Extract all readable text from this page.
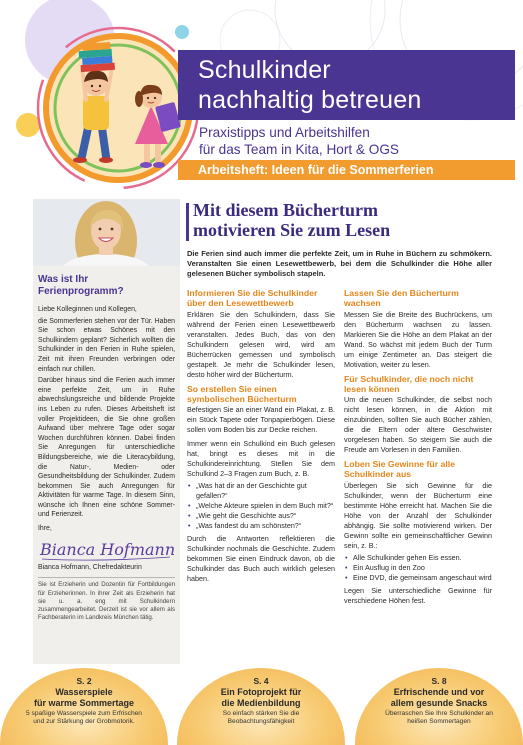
Schulkinder
nachhaltig betreuen
Praxistipps und Arbeitshilfen
für das Team in Kita, Hort & OGS
Arbeitsheft: Ideen für die Sommerferien
Was ist Ihr
Ferienprogramm?

Liebe Kolleginnen und Kollegen,

die Sommerferien stehen vor der Tür. Haben Sie schon etwas Schönes mit den Schulkindern geplant? Sicherlich wollten die Schulkinder in den Ferien in Ruhe spielen, Zeit mit ihren Freunden verbringen oder einfach nur chillen.

Darüber hinaus sind die Ferien auch immer eine perfekte Zeit, um in Ruhe abwechslungsreiche und bildende Projekte ins Leben zu rufen. Dieses Arbeitsheft ist voller Projektideen, die Sie ohne großen Aufwand über mehrere Tage oder sogar Wochen durchführen können. Dabei finden Sie Anregungen für unterschiedliche Bildungsbereiche, wie die Literacybildung, die Natur-, Medien- oder Gesundheitsbildung der Schulkinder. Zudem bekommen Sie auch Anregungen für Aktivitäten für warme Tage. In diesem Sinn, wünsche ich Ihnen eine schöne Sommer- und Ferienzeit.

Ihre,
Bianca Hofmann
Bianca Hofmann, Chefredakteurin
Sie ist Erzieherin und Dozentin für Fortbildungen für Erzieherinnen. In ihrer Zeit als Erzieherin hat sie u. a. eng mit Schulkindern zusammengearbeitet. Derzeit ist sie vor allem als Fachberaterin im Landkreis München tätig.
Mit diesem Bücherturm
motivieren Sie zum Lesen

Die Ferien sind auch immer die perfekte Zeit, um in Ruhe in Büchern zu schmökern. Veranstalten Sie einen Lesewettbewerb, bei dem die Schulkinder die Höhe aller gelesenen Bücher symbolisch stapeln.

Informieren Sie die Schulkinder über den Lesewettbewerb

Erklären Sie den Schulkindern, dass Sie während der Ferien einen Lesewettbewerb veranstalten. Jedes Buch, das von den Schulkindern gelesen wird, wird am Bücherrücken gemessen und symbolisch gestapelt. Je mehr die Schulkinder lesen, desto höher wird der Bücherturm.

So erstellen Sie einen symbolischen Bücherturm

Befestigen Sie an einer Wand ein Plakat, z. B. ein Stück Tapete oder Tonpapierbögen. Diese sollen vom Boden bis zur Decke reichen.

Immer wenn ein Schulkind ein Buch gelesen hat, bringt es dieses mit in die Schulkindereinrichtung. Stellen Sie dem Schulkind 2–3 Fragen zum Buch, z. B.

• „Was hat dir an der Geschichte gut gefallen?“
• „Welche Akteure spielen in dem Buch mit?“
• „Wie geht die Geschichte aus?“
• „Was fandest du am schönsten?“

Durch die Antworten reflektieren die Schulkinder nochmals die Geschichte. Zudem bekommen Sie einen Eindruck davon, ob die Schulkinder das Buch auch wirklich gelesen haben.

Lassen Sie den Bücherturm wachsen

Messen Sie die Breite des Buchrückens, um den Bücherturm wachsen zu lassen. Markieren Sie die Höhe an dem Plakat an der Wand. So wächst mit jedem Buch der Turm um einige Zentimeter an. Das steigert die Motivation, weiter zu lesen.

Für Schulkinder, die noch nicht lesen können

Um die neuen Schulkinder, die selbst noch nicht lesen können, in die Aktion mit einzubinden, sollten Sie auch Bücher zählen, die die Eltern oder ältere Geschwister vorgelesen haben. So steigern Sie auch die Freude am Vorlesen in den Familien.

Loben Sie Gewinne für alle Schulkinder aus

Überlegen Sie sich Gewinne für die Schulkinder, wenn der Bücherturm eine bestimmte Höhe erreicht hat. Machen Sie die Höhe von der Anzahl der Schulkinder abhängig. Sie sollte motivierend wirken. Der Gewinn sollte ein gemeinschaftlicher Gewinn sein, z. B.:

• Alle Schulkinder gehen Eis essen.
• Ein Ausflug in den Zoo
• Eine DVD, die gemeinsam angeschaut wird

Legen Sie unterschiedliche Gewinne für verschiedene Höhen fest.

S. 2
Wasserspiele
für warme Sommertage
5 spaßige Wasserspiele zum Erfrischen
und zur Stärkung der Grobmotorik.
S. 4
Ein Fotoprojekt für
die Medienbildung
So einfach stärken Sie die
Beobachtungsfähigkeit
S. 8
Erfrischende und vor
allem gesunde Snacks
Überraschen Sie Ihre Schulkinder an
heißen Sommertagen
